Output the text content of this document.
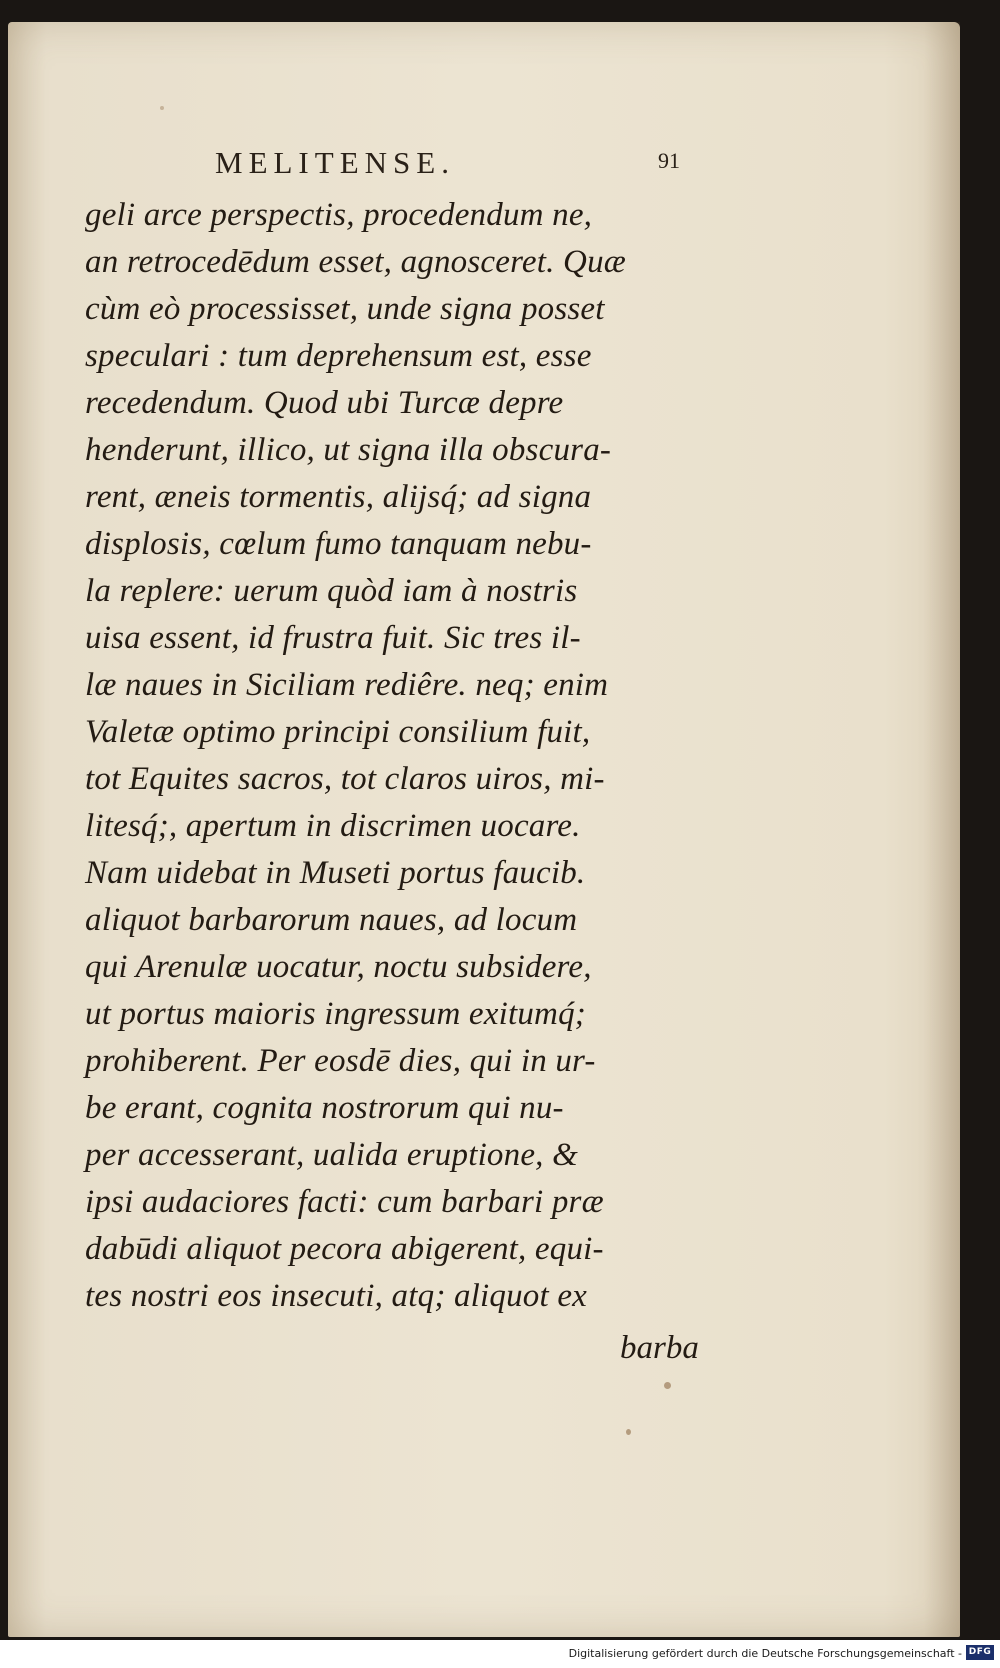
MELITENSE.	91
geli arce perspectis, procedendum ne,
an retrocedēdum esset, agnosceret. Quæ
cùm eò processisset, unde signa posset
speculari : tum deprehensum est, esse
recedendum. Quod ubi Turcæ depre
henderunt, illico, ut signa illa obscura-
rent, æneis tormentis, alijsq́; ad signa
displosis, cœlum fumo tanquam nebu-
la replere: uerum quòd iam à nostris
uisa essent, id frustra fuit. Sic tres il-
læ naues in Siciliam rediêre. neq; enim
Valetæ optimo principi consilium fuit,
tot Equites sacros, tot claros uiros, mi-
litesq́;, apertum in discrimen uocare.
Nam uidebat in Museti portus faucib.
aliquot barbarorum naues, ad locum
qui Arenulæ uocatur, noctu subsidere,
ut portus maioris ingressum exitumq́;
prohiberent. Per eosdē dies, qui in ur-
be erant, cognita nostrorum qui nu-
per accesserant, ualida eruptione, &
ipsi audaciores facti: cum barbari præ
dabūdi aliquot pecora abigerent, equi-
tes nostri eos insecuti, atq; aliquot ex
barba
Digitalisierung gefördert durch die Deutsche Forschungsgemeinschaft - DFG
